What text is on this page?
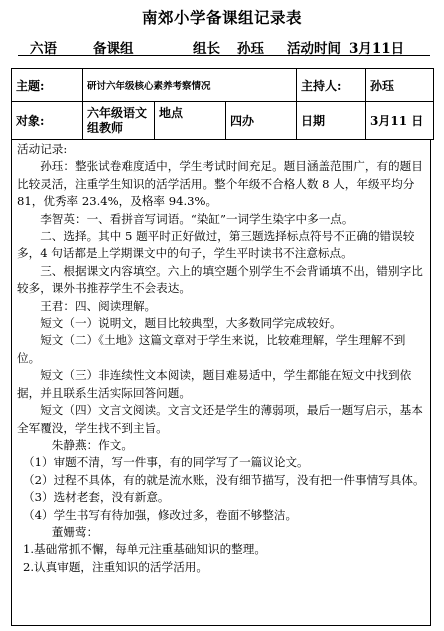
南郊小学备课组记录表
六语	备课组	组长 孙珏 活动时间 3月11日
主题:	研讨六年级核心素养考察情况			主持人:	孙珏
对象:	六年级语文组教师	地点	四办	日期	3月11 日

活动记录:

孙珏：整张试卷难度适中，学生考试时间充足。题目涵盖范围广，有的题目比较灵活，注重学生知识的活学活用。整个年级不合格人数 8 人，年级平均分 81，优秀率 23.4%，及格率 94.3%。

李智英：一、看拼音写词语。“染缸”一词学生染字中多一点。

二、选择。其中 5 题平时正好做过，第三题选择标点符号不正确的错误较多，4 句话都是上学期课文中的句子，学生平时读书不注意标点。

三、根据课文内容填空。六上的填空题个别学生不会背诵填不出，错别字比较多，课外书推荐学生不会表达。

王君：四、阅读理解。

短文（一）说明文，题目比较典型，大多数同学完成较好。

短文（二）《土地》这篇文章对于学生来说，比较难理解，学生理解不到位。

短文（三）非连续性文本阅读，题目难易适中，学生都能在短文中找到依据，并且联系生活实际回答问题。

短文（四）文言文阅读。文言文还是学生的薄弱项，最后一题写启示，基本全军覆没，学生找不到主旨。

朱静燕：作文。

（1）审题不清，写一件事，有的同学写了一篇议论文。

（2）过程不具体，有的就是流水账，没有细节描写，没有把一件事情写具体。

（3）选材老套，没有新意。

（4）学生书写有待加强，修改过多，卷面不够整洁。

董姗莺：

1.基础常抓不懈，每单元注重基础知识的整理。

2.认真审题，注重知识的活学活用。
